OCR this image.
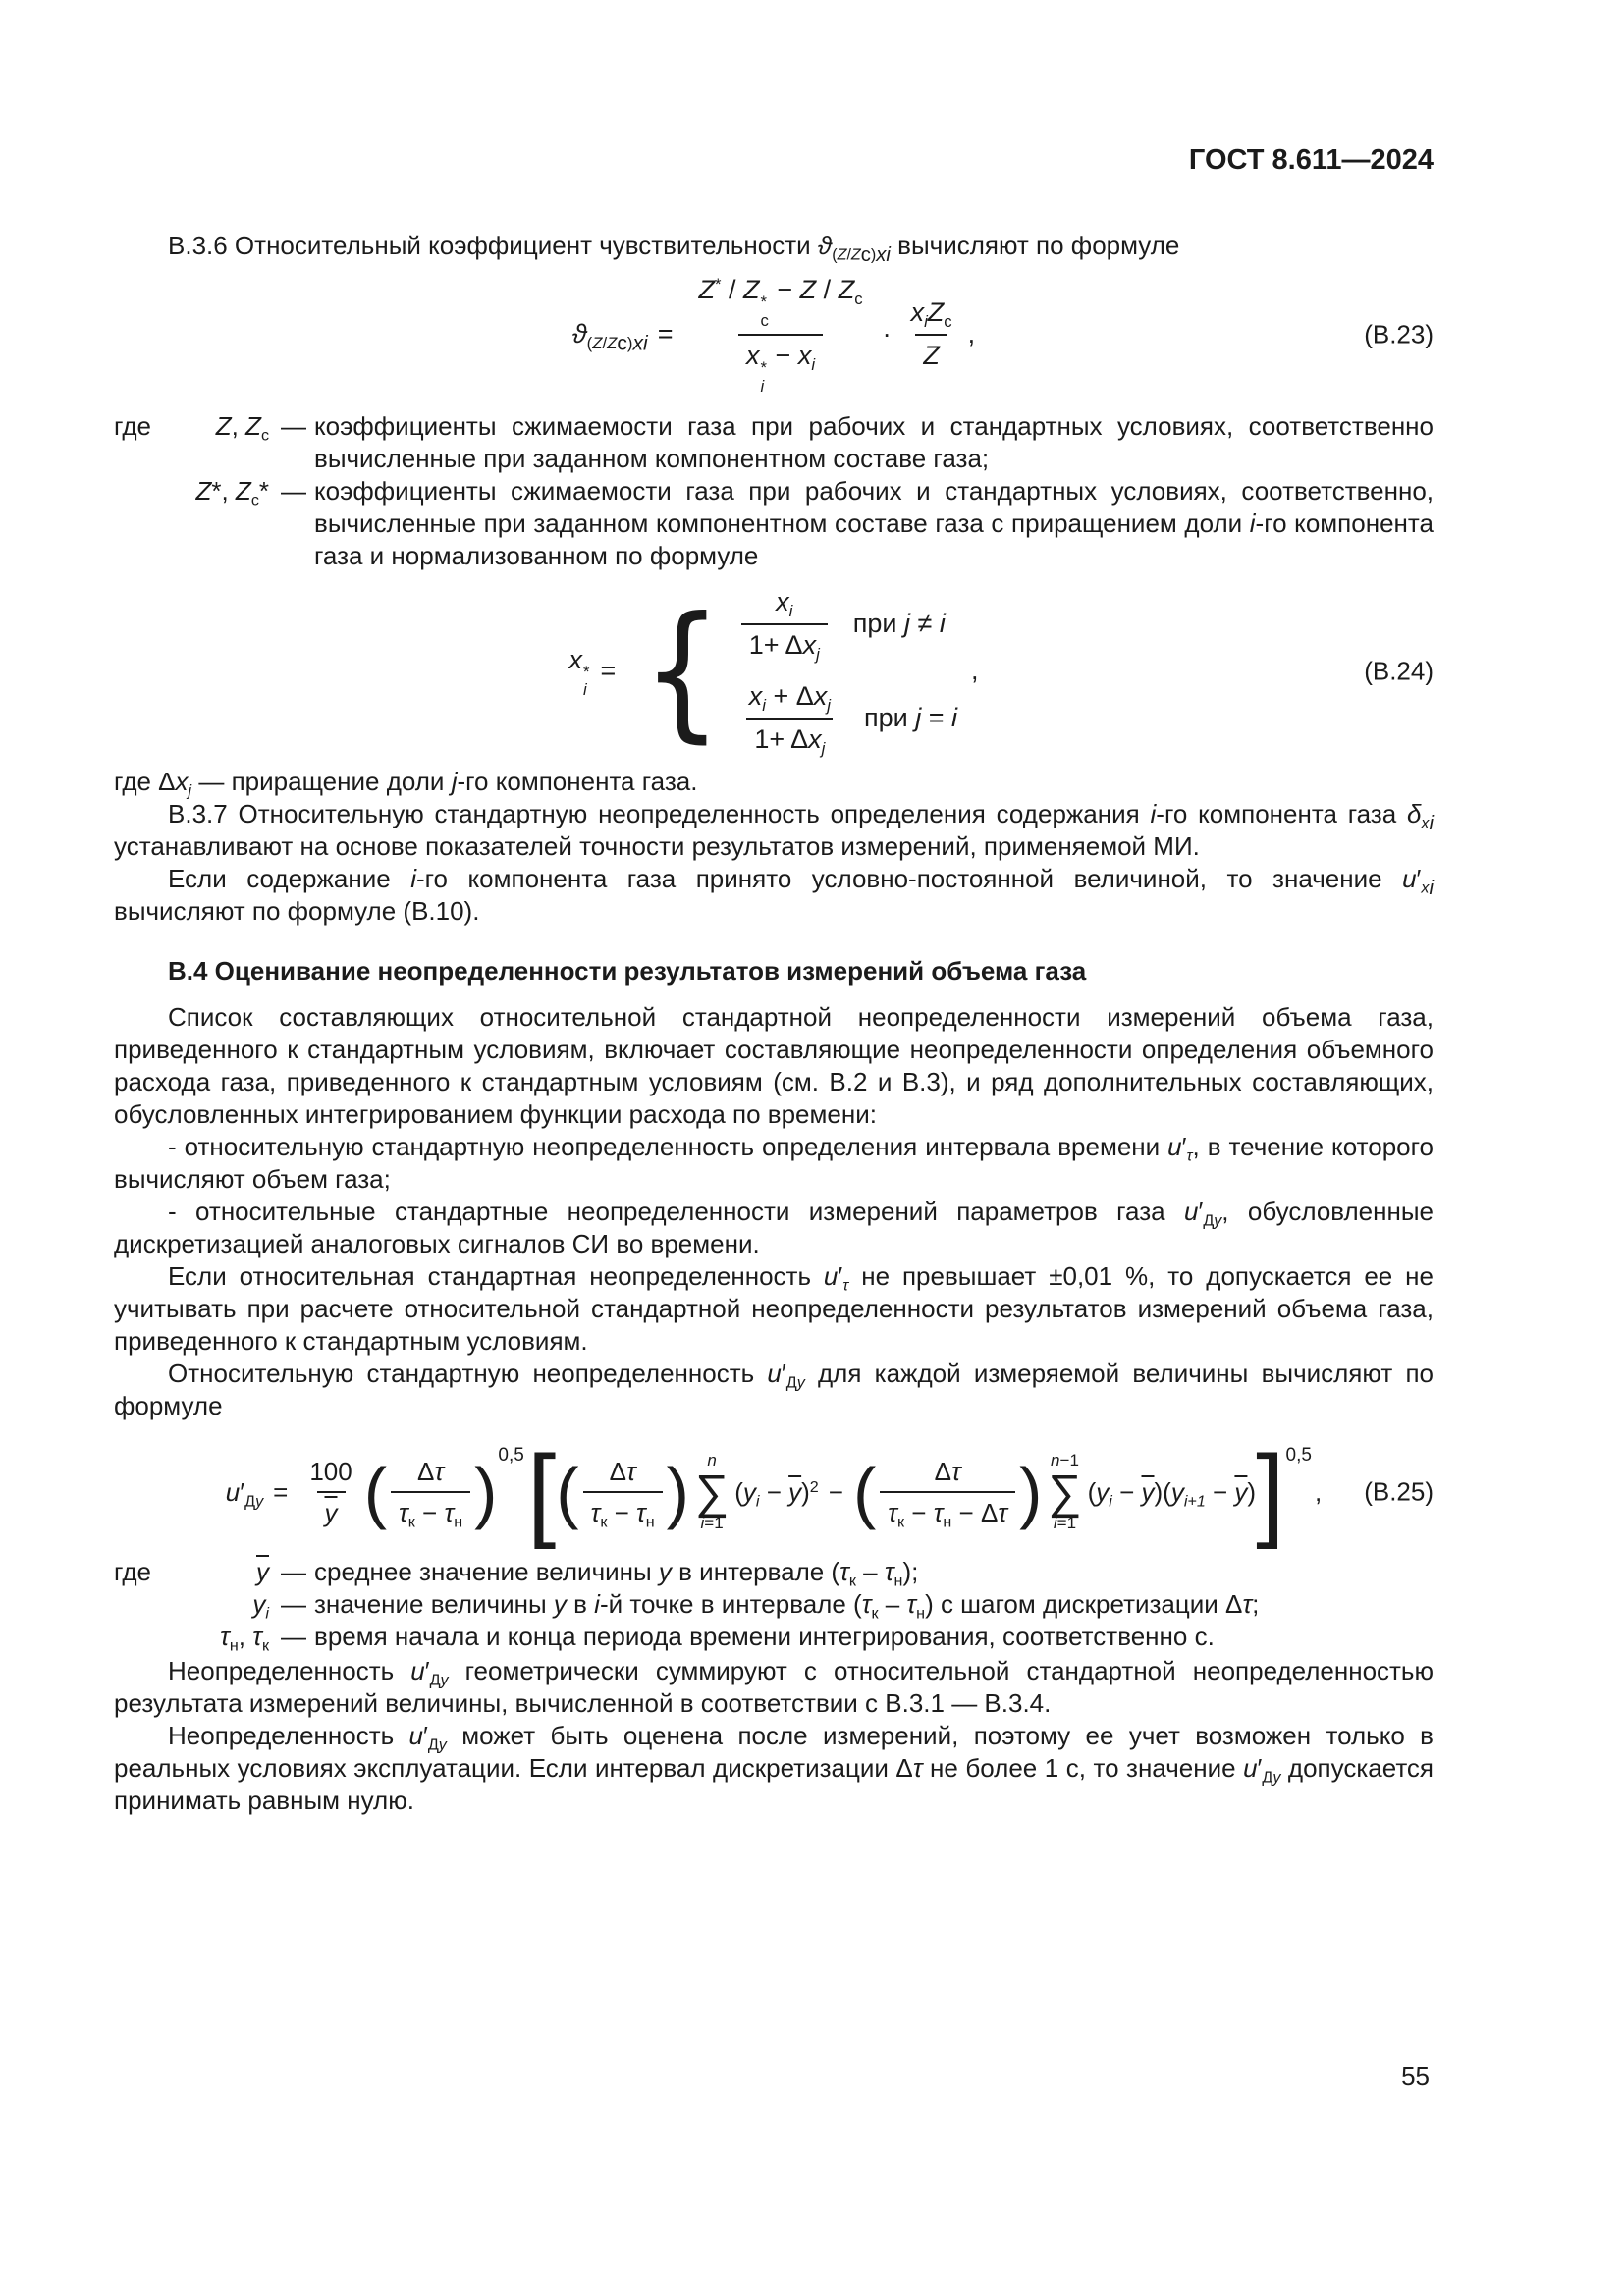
ГОСТ 8.611—2024

В.3.6 Относительный коэффициент чувствительности $ϑ_{(Z/Zc)xi}$ вычисляют по формуле

$ϑ_{(Z/Zc)xi} = Z^* / Z$ *
c
− Z / $Z_c$
x *
i
− $x_i \cdot \frac{x_iZ_c}{Z}$ ,	(В.23)
где	Z, $Z_c$ — коэффициенты сжимаемости газа при рабочих и стандартных условиях, соответственно вычисленные при заданном компонентном составе газа;
Z*, $Z_c*$ — коэффициенты сжимаемости газа при рабочих и стандартных условиях, соответственно, вычисленные при заданном компонентном составе газа с приращением доли i-го компонента газа и нормализованном по формуле
x *
i
= { $\frac{x_i}{1+ \Delta x_j}$ при j ≠ i
$\frac{x_i + \Delta x_j}{1+ \Delta x_j}$ при j = i
,	(В.24)

где $\Delta x_j$ — приращение доли j-го компонента газа.

В.3.7 Относительную стандартную неопределенность определения содержания i-го компонента газа $\delta_{xi}$ устанавливают на основе показателей точности результатов измерений, применяемой МИ.

Если содержание i-го компонента газа принято условно-постоянной величиной, то значение $u'_{xi}$ вычисляют по формуле (В.10).

В.4 Оценивание неопределенности результатов измерений объема газа

Список составляющих относительной стандартной неопределенности измерений объема газа, приведенного к стандартным условиям, включает составляющие неопределенности определения объемного расхода газа, приведенного к стандартным условиям (см. В.2 и В.3), и ряд дополнительных составляющих, обусловленных интегрированием функции расхода по времени:

- относительную стандартную неопределенность определения интервала времени $u'_\tau$, в течение которого вычисляют объем газа;

- относительные стандартные неопределенности измерений параметров газа $u'_{Ду}$, обусловленные дискретизацией аналоговых сигналов СИ во времени.

Если относительная стандартная неопределенность $u'_\tau$ не превышает ±0,01 %, то допускается ее не учитывать при расчете относительной стандартной неопределенности результатов измерений объема газа, приведенного к стандартным условиям.

Относительную стандартную неопределенность $u'_{Ду}$ для каждой измеряемой величины вычисляют по формуле

$u'_{Ду} = \frac{100}{y}$ ( $\frac{\Delta\tau}{\tau_к - \tau_н}$ ) 0,5 [ ( $\frac{\Delta\tau}{\tau_к - \tau_н}$ ) n
∑
i=1
$(y_i - \overline{y})^2$ − ( $\frac{\Delta\tau}{\tau_к - \tau_н - \Delta\tau}$ ) n−1
∑
i=1
$(y_i - \overline{y})(y_{i+1} - \overline{y})$ ] 0,5
, (В.25)
где	$\overline{y}$ — среднее значение величины y в интервале $(\tau_к - \tau_н)$;
$y_i$ — значение величины y в i-й точке в интервале $(\tau_к - \tau_н)$ с шагом дискретизации Δτ;
$\tau_н$, $\tau_к$ — время начала и конца периода времени интегрирования, соответственно с.

Неопределенность $u'_{Ду}$ геометрически суммируют с относительной стандартной неопределенностью результата измерений величины, вычисленной в соответствии с В.3.1 — В.3.4.

Неопределенность $u'_{Ду}$ может быть оценена после измерений, поэтому ее учет возможен только в реальных условиях эксплуатации. Если интервал дискретизации Δτ не более 1 с, то значение $u'_{Ду}$ допускается принимать равным нулю.

55
